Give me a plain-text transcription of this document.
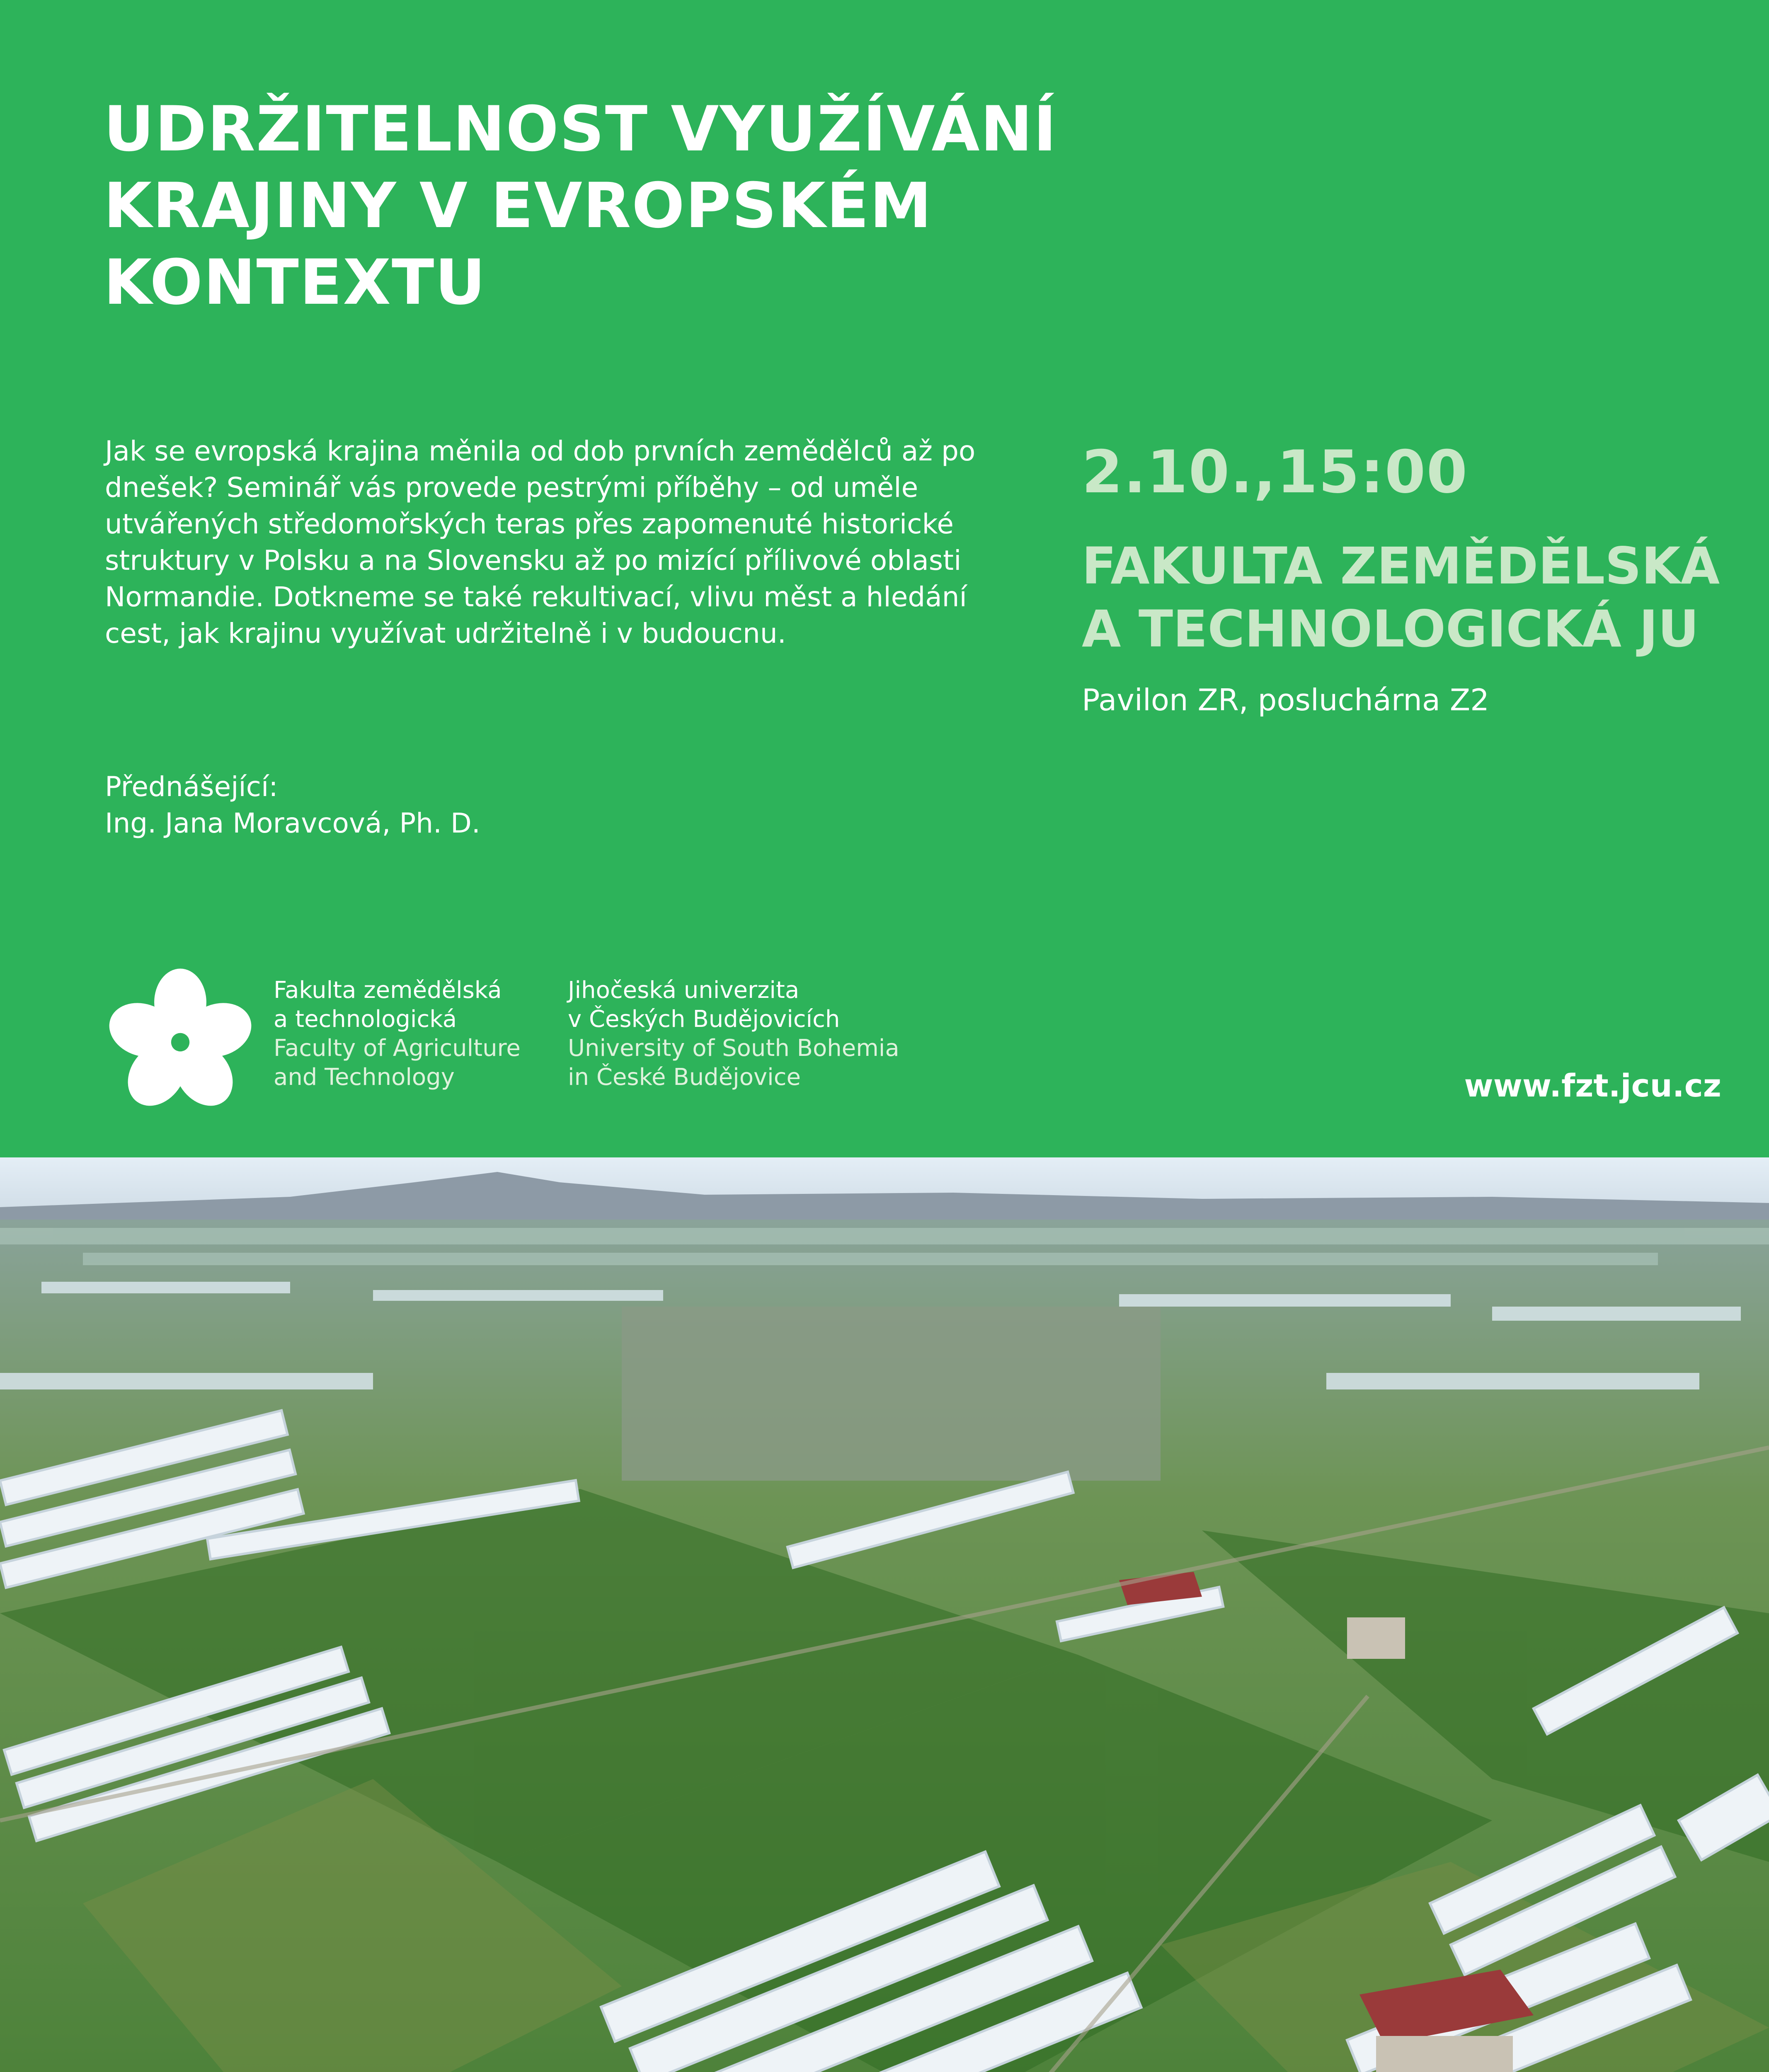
UDRŽITELNOST VYUŽÍVÁNÍ
KRAJINY V EVROPSKÉM
KONTEXTU

Jak se evropská krajina měnila od dob prvních zemědělců až po dnešek? Seminář vás provede pestrými příběhy – od uměle utvářených středomořských teras přes zapomenuté historické struktury v Polsku a na Slovensku až po mizící přílivové oblasti Normandie. Dotkneme se také rekultivací, vlivu měst a hledání cest, jak krajinu využívat udržitelně i v budoucnu.

Přednášející:
Ing. Jana Moravcová, Ph. D.
2.10.,15:00
FAKULTA ZEMĚDĚLSKÁ
A TECHNOLOGICKÁ JU
Pavilon ZR, posluchárna Z2
Fakulta zemědělská
a technologická
Faculty of Agriculture
and Technology
Jihočeská univerzita
v Českých Budějovicích
University of South Bohemia
in České Budějovice	www.fzt.jcu.cz
